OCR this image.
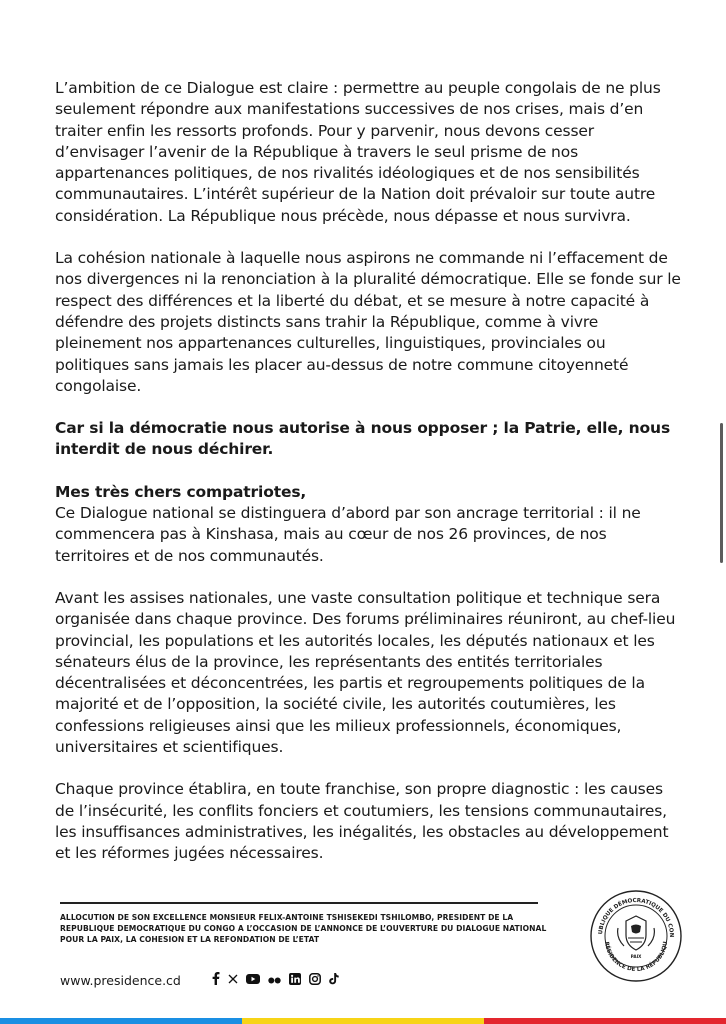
L’ambition de ce Dialogue est claire : permettre au peuple congolais de ne plus seulement répondre aux manifestations successives de nos crises, mais d’en traiter enfin les ressorts profonds. Pour y parvenir, nous devons cesser d’envisager l’avenir de la République à travers le seul prisme de nos appartenances politiques, de nos rivalités idéologiques et de nos sensibilités communautaires. L’intérêt supérieur de la Nation doit prévaloir sur toute autre considération. La République nous précède, nous dépasse et nous survivra.

La cohésion nationale à laquelle nous aspirons ne commande ni l’effacement de nos divergences ni la renonciation à la pluralité démocratique. Elle se fonde sur le respect des différences et la liberté du débat, et se mesure à notre capacité à défendre des projets distincts sans trahir la République, comme à vivre pleinement nos appartenances culturelles, linguistiques, provinciales ou politiques sans jamais les placer au-dessus de notre commune citoyenneté congolaise.

Car si la démocratie nous autorise à nous opposer ; la Patrie, elle, nous interdit de nous déchirer.

Mes très chers compatriotes,
Ce Dialogue national se distinguera d’abord par son ancrage territorial : il ne commencera pas à Kinshasa, mais au cœur de nos 26 provinces, de nos territoires et de nos communautés.

Avant les assises nationales, une vaste consultation politique et technique sera organisée dans chaque province. Des forums préliminaires réuniront, au chef-lieu provincial, les populations et les autorités locales, les députés nationaux et les sénateurs élus de la province, les représentants des entités territoriales décentralisées et déconcentrées, les partis et regroupements politiques de la majorité et de l’opposition, la société civile, les autorités coutumières, les confessions religieuses ainsi que les milieux professionnels, économiques, universitaires et scientifiques.

Chaque province établira, en toute franchise, son propre diagnostic : les causes de l’insécurité, les conflits fonciers et coutumiers, les tensions communautaires, les insuffisances administratives, les inégalités, les obstacles au développement et les réformes jugées nécessaires.

ALLOCUTION DE SON EXCELLENCE MONSIEUR FELIX-ANTOINE TSHISEKEDI TSHILOMBO, PRESIDENT DE LA REPUBLIQUE DEMOCRATIQUE DU CONGO A L’OCCASION DE L’ANNONCE DE L’OUVERTURE DU DIALOGUE NATIONAL POUR LA PAIX, LA COHESION ET LA REFONDATION DE L’ETAT
www.presidence.cd
UBLIQUE DÉMOCRATIQUE DU CON
RÉSIDENCE DE LA RÉPUBLIQU
PAIX
